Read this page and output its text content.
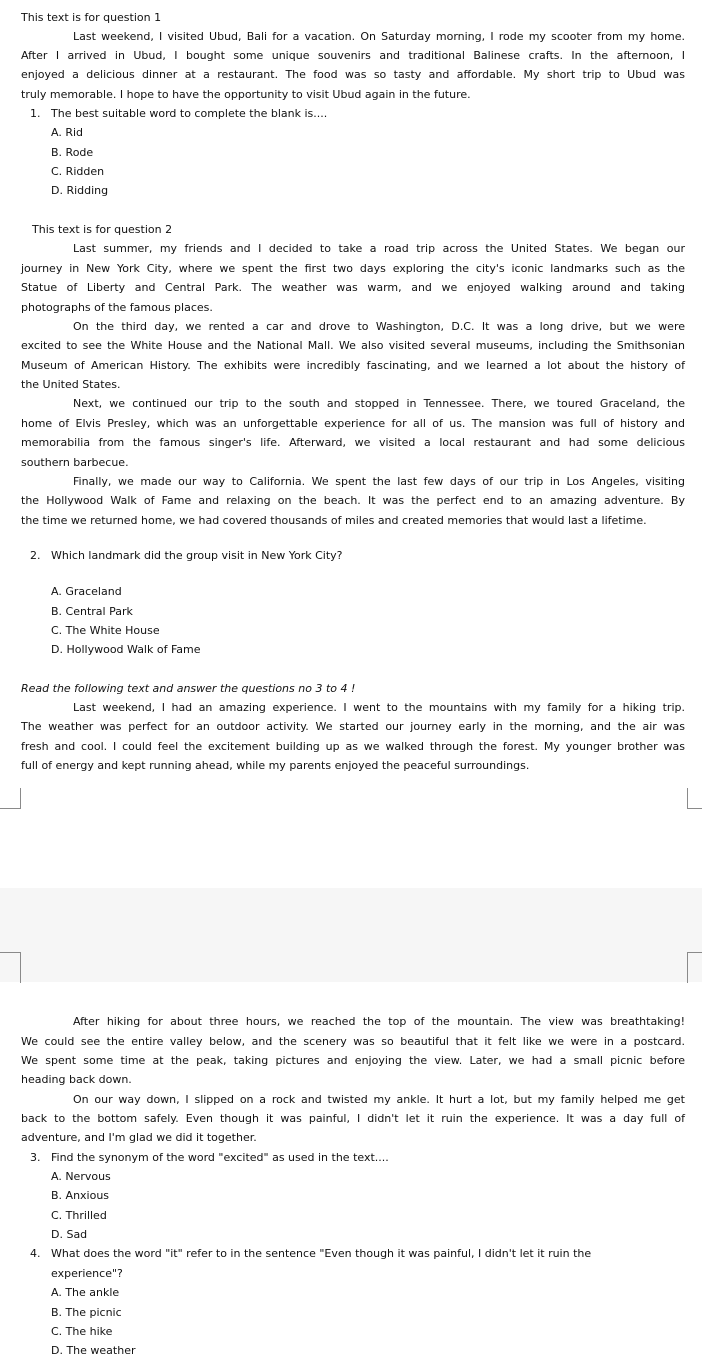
This text is for question 1
Last weekend, I visited Ubud, Bali for a vacation. On Saturday morning, I rode my scooter from my home.
After I arrived in Ubud, I bought some unique souvenirs and traditional Balinese crafts. In the afternoon, I
enjoyed a delicious dinner at a restaurant. The food was so tasty and affordable. My short trip to Ubud was
truly memorable. I hope to have the opportunity to visit Ubud again in the future.
1. The best suitable word to complete the blank is....
A. Rid
B. Rode
C. Ridden
D. Ridding
This text is for question 2
Last summer, my friends and I decided to take a road trip across the United States. We began our
journey in New York City, where we spent the first two days exploring the city's iconic landmarks such as the
Statue of Liberty and Central Park. The weather was warm, and we enjoyed walking around and taking
photographs of the famous places.
On the third day, we rented a car and drove to Washington, D.C. It was a long drive, but we were
excited to see the White House and the National Mall. We also visited several museums, including the Smithsonian
Museum of American History. The exhibits were incredibly fascinating, and we learned a lot about the history of
the United States.
Next, we continued our trip to the south and stopped in Tennessee. There, we toured Graceland, the
home of Elvis Presley, which was an unforgettable experience for all of us. The mansion was full of history and
memorabilia from the famous singer's life. Afterward, we visited a local restaurant and had some delicious
southern barbecue.
Finally, we made our way to California. We spent the last few days of our trip in Los Angeles, visiting
the Hollywood Walk of Fame and relaxing on the beach. It was the perfect end to an amazing adventure. By
the time we returned home, we had covered thousands of miles and created memories that would last a lifetime.
2. Which landmark did the group visit in New York City?
A. Graceland
B. Central Park
C. The White House
D. Hollywood Walk of Fame
Read the following text and answer the questions no 3 to 4 !
Last weekend, I had an amazing experience. I went to the mountains with my family for a hiking trip.
The weather was perfect for an outdoor activity. We started our journey early in the morning, and the air was
fresh and cool. I could feel the excitement building up as we walked through the forest. My younger brother was
full of energy and kept running ahead, while my parents enjoyed the peaceful surroundings.
After hiking for about three hours, we reached the top of the mountain. The view was breathtaking!
We could see the entire valley below, and the scenery was so beautiful that it felt like we were in a postcard.
We spent some time at the peak, taking pictures and enjoying the view. Later, we had a small picnic before
heading back down.
On our way down, I slipped on a rock and twisted my ankle. It hurt a lot, but my family helped me get
back to the bottom safely. Even though it was painful, I didn't let it ruin the experience. It was a day full of
adventure, and I'm glad we did it together.
3. Find the synonym of the word "excited" as used in the text....
A. Nervous
B. Anxious
C. Thrilled
D. Sad
4. What does the word "it" refer to in the sentence "Even though it was painful, I didn't let it ruin the
experience"?
A. The ankle
B. The picnic
C. The hike
D. The weather
